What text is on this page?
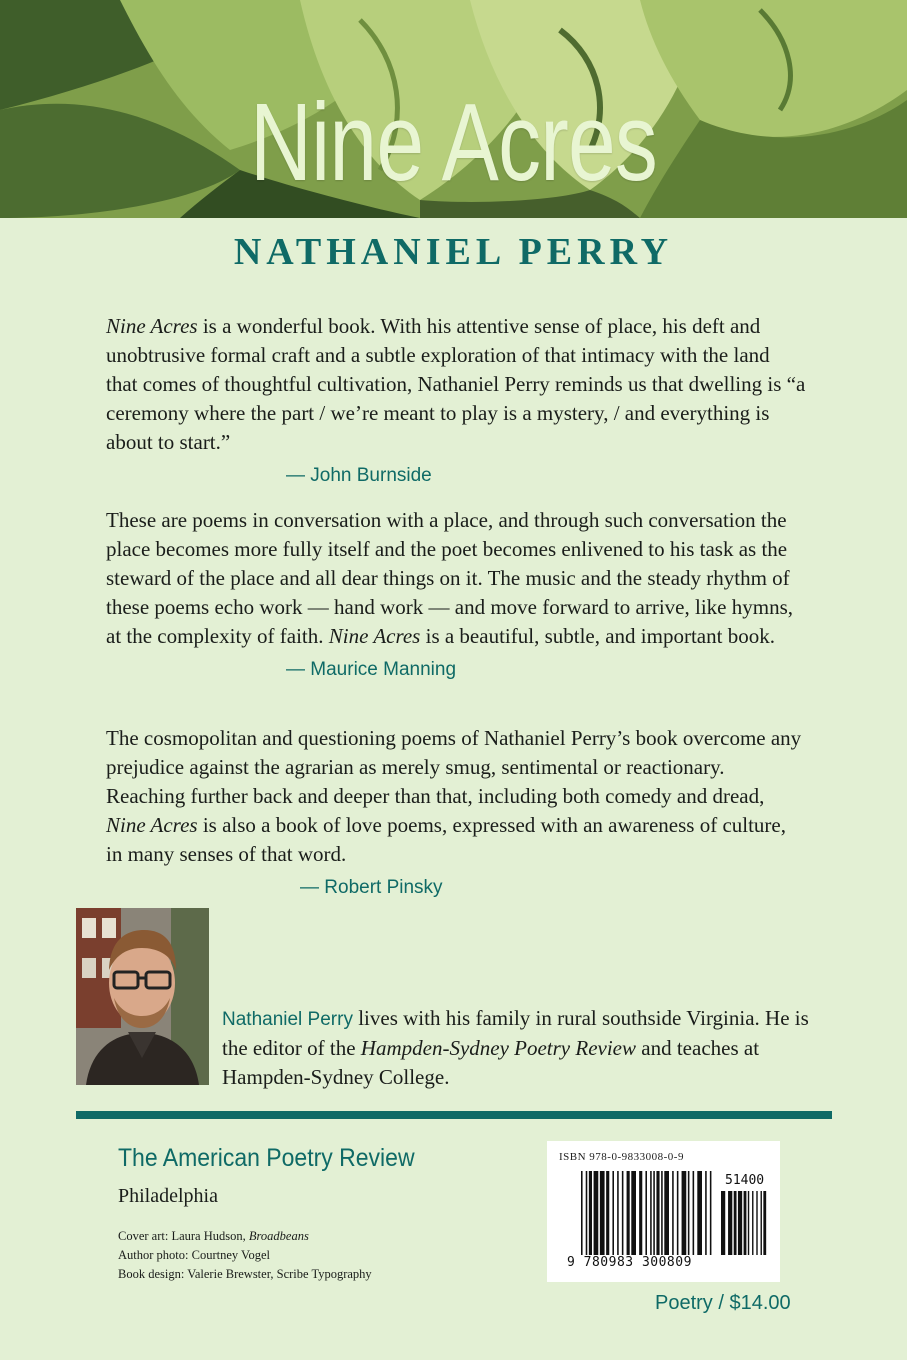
Nine Acres
NATHANIEL PERRY

Nine Acres is a wonderful book. With his attentive sense of place, his deft and unobtrusive formal craft and a subtle exploration of that intimacy with the land that comes of thoughtful cultivation, Nathaniel Perry reminds us that dwelling is “a ceremony where the part / we’re meant to play is a mystery, / and everything is about to start.”

— John Burnside

These are poems in conversation with a place, and through such conversation the place becomes more fully itself and the poet becomes enlivened to his task as the steward of the place and all dear things on it. The music and the steady rhythm of these poems echo work — hand work — and move forward to arrive, like hymns, at the complexity of faith. Nine Acres is a beautiful, subtle, and important book.

— Maurice Manning

The cosmopolitan and questioning poems of Nathaniel Perry’s book overcome any prejudice against the agrarian as merely smug, sentimental or reactionary. Reaching further back and deeper than that, including both comedy and dread, Nine Acres is also a book of love poems, expressed with an awareness of culture, in many senses of that word.

— Robert Pinsky
Nathaniel Perry lives with his family in rural southside Virginia. He is the editor of the Hampden-Sydney Poetry Review and teaches at Hampden-Sydney College.
The American Poetry Review
Philadelphia
Cover art: Laura Hudson, Broadbeans
Author photo: Courtney Vogel
Book design: Valerie Brewster, Scribe Typography
ISBN 978-0-9833008-0-9
51400
9 780983 300809
Poetry / $14.00
